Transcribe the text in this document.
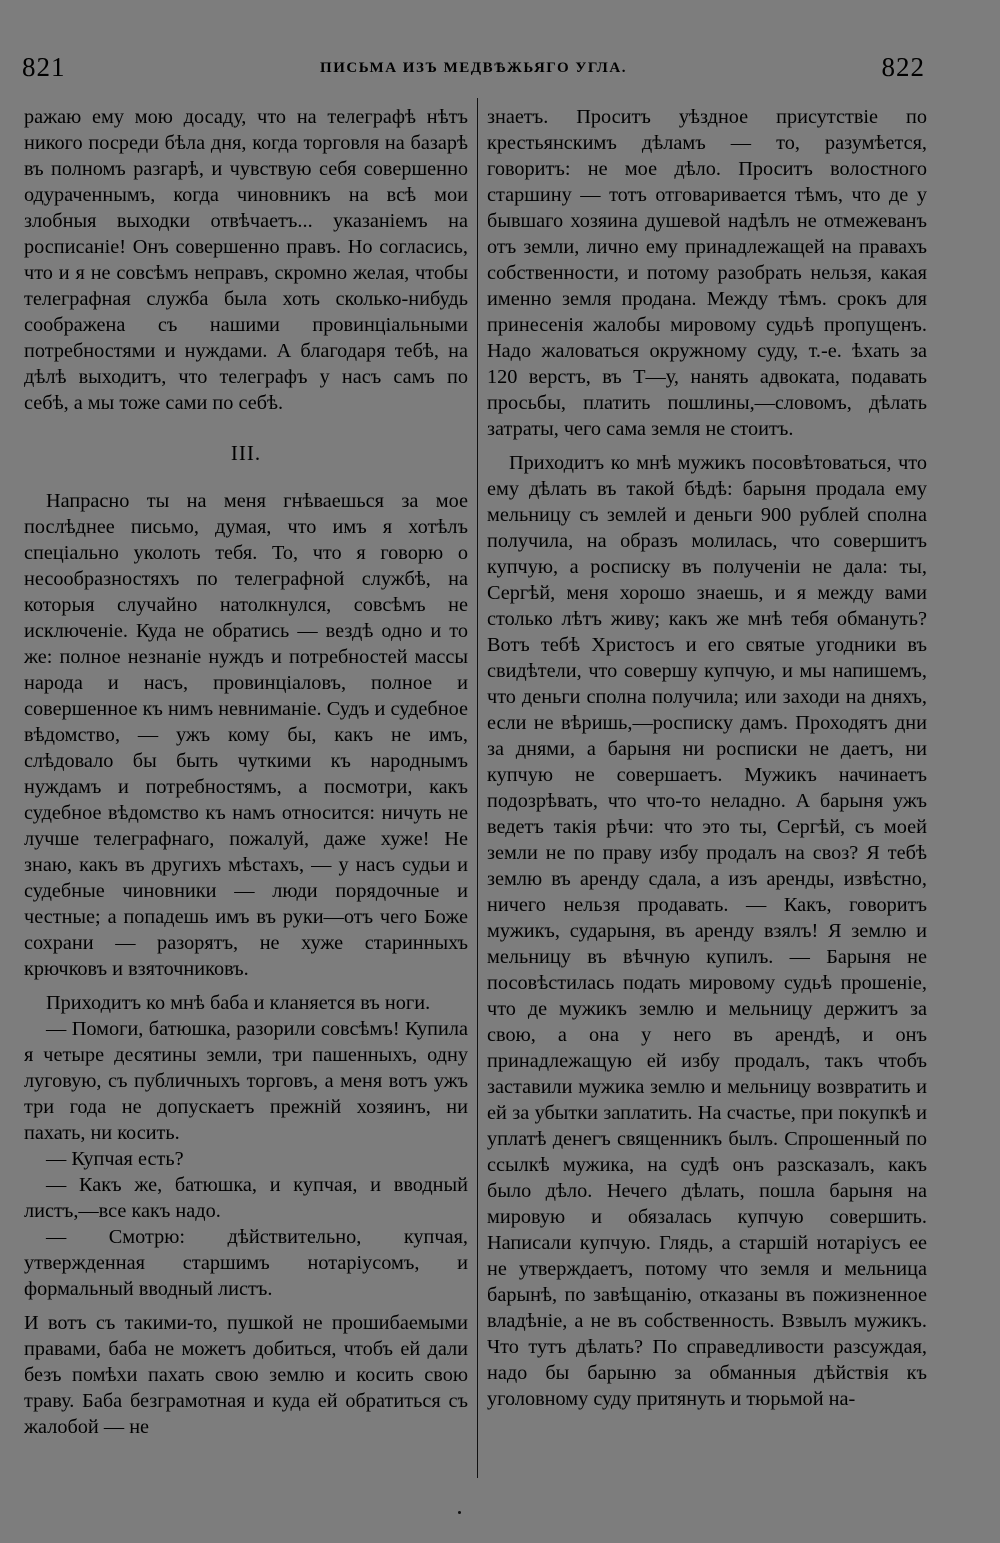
821	ПИСЬМА ИЗЪ МЕДВѢЖЬЯГО УГЛА.	822

ражаю ему мою досаду, что на телеграфѣ нѣтъ никого посреди бѣла дня, когда торговля на базарѣ въ полномъ разгарѣ, и чувствую себя совершенно одураченнымъ, когда чиновникъ на всѣ мои злобныя выходки отвѣчаетъ... указаніемъ на росписаніе! Онъ совершенно правъ. Но согласись, что и я не совсѣмъ неправъ, скромно желая, чтобы телеграфная служба была хоть сколько-нибудь соображена съ нашими провинціальными потребностями и нуждами. А благодаря тебѣ, на дѣлѣ выходитъ, что телеграфъ у насъ самъ по себѣ, а мы тоже сами по себѣ.

III.

Напрасно ты на меня гнѣваешься за мое послѣднее письмо, думая, что имъ я хотѣлъ спеціально уколоть тебя. То, что я говорю о несообразностяхъ по телеграфной службѣ, на которыя случайно натолкнулся, совсѣмъ не исключеніе. Куда не обратись — вездѣ одно и то же: полное незнаніе нуждъ и потребностей массы народа и насъ, провинціаловъ, полное и совершенное къ нимъ невниманіе. Судъ и судебное вѣдомство, — ужъ кому бы, какъ не имъ, слѣдовало бы быть чуткими къ народнымъ нуждамъ и потребностямъ, а посмотри, какъ судебное вѣдомство къ намъ относится: ничуть не лучше телеграфнаго, пожалуй, даже хуже! Не знаю, какъ въ другихъ мѣстахъ, — у насъ судьи и судебные чиновники — люди порядочные и честные; а попадешь имъ въ руки—отъ чего Боже сохрани — разорятъ, не хуже старинныхъ крючковъ и взяточниковъ.

Приходитъ ко мнѣ баба и кланяется въ ноги.

— Помоги, батюшка, разорили совсѣмъ! Купила я четыре десятины земли, три пашенныхъ, одну луговую, съ публичныхъ торговъ, а меня вотъ ужъ три года не допускаетъ прежній хозяинъ, ни пахать, ни косить.

— Купчая есть?

— Какъ же, батюшка, и купчая, и вводный листъ,—все какъ надо.

— Смотрю: дѣйствительно, купчая, утвержденная старшимъ нотаріусомъ, и формальный вводный листъ.

И вотъ съ такими-то, пушкой не прошибаемыми правами, баба не можетъ добиться, чтобъ ей дали безъ помѣхи пахать свою землю и косить свою траву. Баба безграмотная и куда ей обратиться съ жалобой — не

знаетъ. Проситъ уѣздное присутствіе по крестьянскимъ дѣламъ — то, разумѣется, говоритъ: не мое дѣло. Проситъ волостного старшину — тотъ отговаривается тѣмъ, что де у бывшаго хозяина душевой надѣлъ не отмежеванъ отъ земли, лично ему принадлежащей на правахъ собственности, и потому разобрать нельзя, какая именно земля продана. Между тѣмъ. срокъ для принесенія жалобы мировому судьѣ пропущенъ. Надо жаловаться окружному суду, т.-е. ѣхать за 120 верстъ, въ Т—у, нанять адвоката, подавать просьбы, платить пошлины,—словомъ, дѣлать затраты, чего сама земля не стоитъ.

Приходитъ ко мнѣ мужикъ посовѣтоваться, что ему дѣлать въ такой бѣдѣ: барыня продала ему мельницу съ землей и деньги 900 рублей сполна получила, на образъ молилась, что совершитъ купчую, а росписку въ полученіи не дала: ты, Сергѣй, меня хорошо знаешь, и я между вами столько лѣтъ живу; какъ же мнѣ тебя обмануть? Вотъ тебѣ Христосъ и его святые угодники въ свидѣтели, что совершу купчую, и мы напишемъ, что деньги сполна получила; или заходи на дняхъ, если не вѣришь,—росписку дамъ. Проходятъ дни за днями, а барыня ни росписки не даетъ, ни купчую не совершаетъ. Мужикъ начинаетъ подозрѣвать, что что-то неладно. А барыня ужъ ведетъ такія рѣчи: что это ты, Сергѣй, съ моей земли не по праву избу продалъ на своз? Я тебѣ землю въ аренду сдала, а изъ аренды, извѣстно, ничего нельзя продавать. — Какъ, говоритъ мужикъ, сударыня, въ аренду взялъ! Я землю и мельницу въ вѣчную купилъ. — Барыня не посовѣстилась подать мировому судьѣ прошеніе, что де мужикъ землю и мельницу держитъ за свою, а она у него въ арендѣ, и онъ принадлежащую ей избу продалъ, такъ чтобъ заставили мужика землю и мельницу возвратить и ей за убытки заплатить. На счастье, при покупкѣ и уплатѣ денегъ священникъ былъ. Спрошенный по ссылкѣ мужика, на судѣ онъ разсказалъ, какъ было дѣло. Нечего дѣлать, пошла барыня на мировую и обязалась купчую совершить. Написали купчую. Глядь, а старшій нотаріусъ ее не утверждаетъ, потому что земля и мельница барынѣ, по завѣщанію, отказаны въ пожизненное владѣніе, а не въ собственность. Взвылъ мужикъ. Что тутъ дѣлать? По справедливости разсуждая, надо бы барыню за обманныя дѣйствія къ уголовному суду притянуть и тюрьмой на-
